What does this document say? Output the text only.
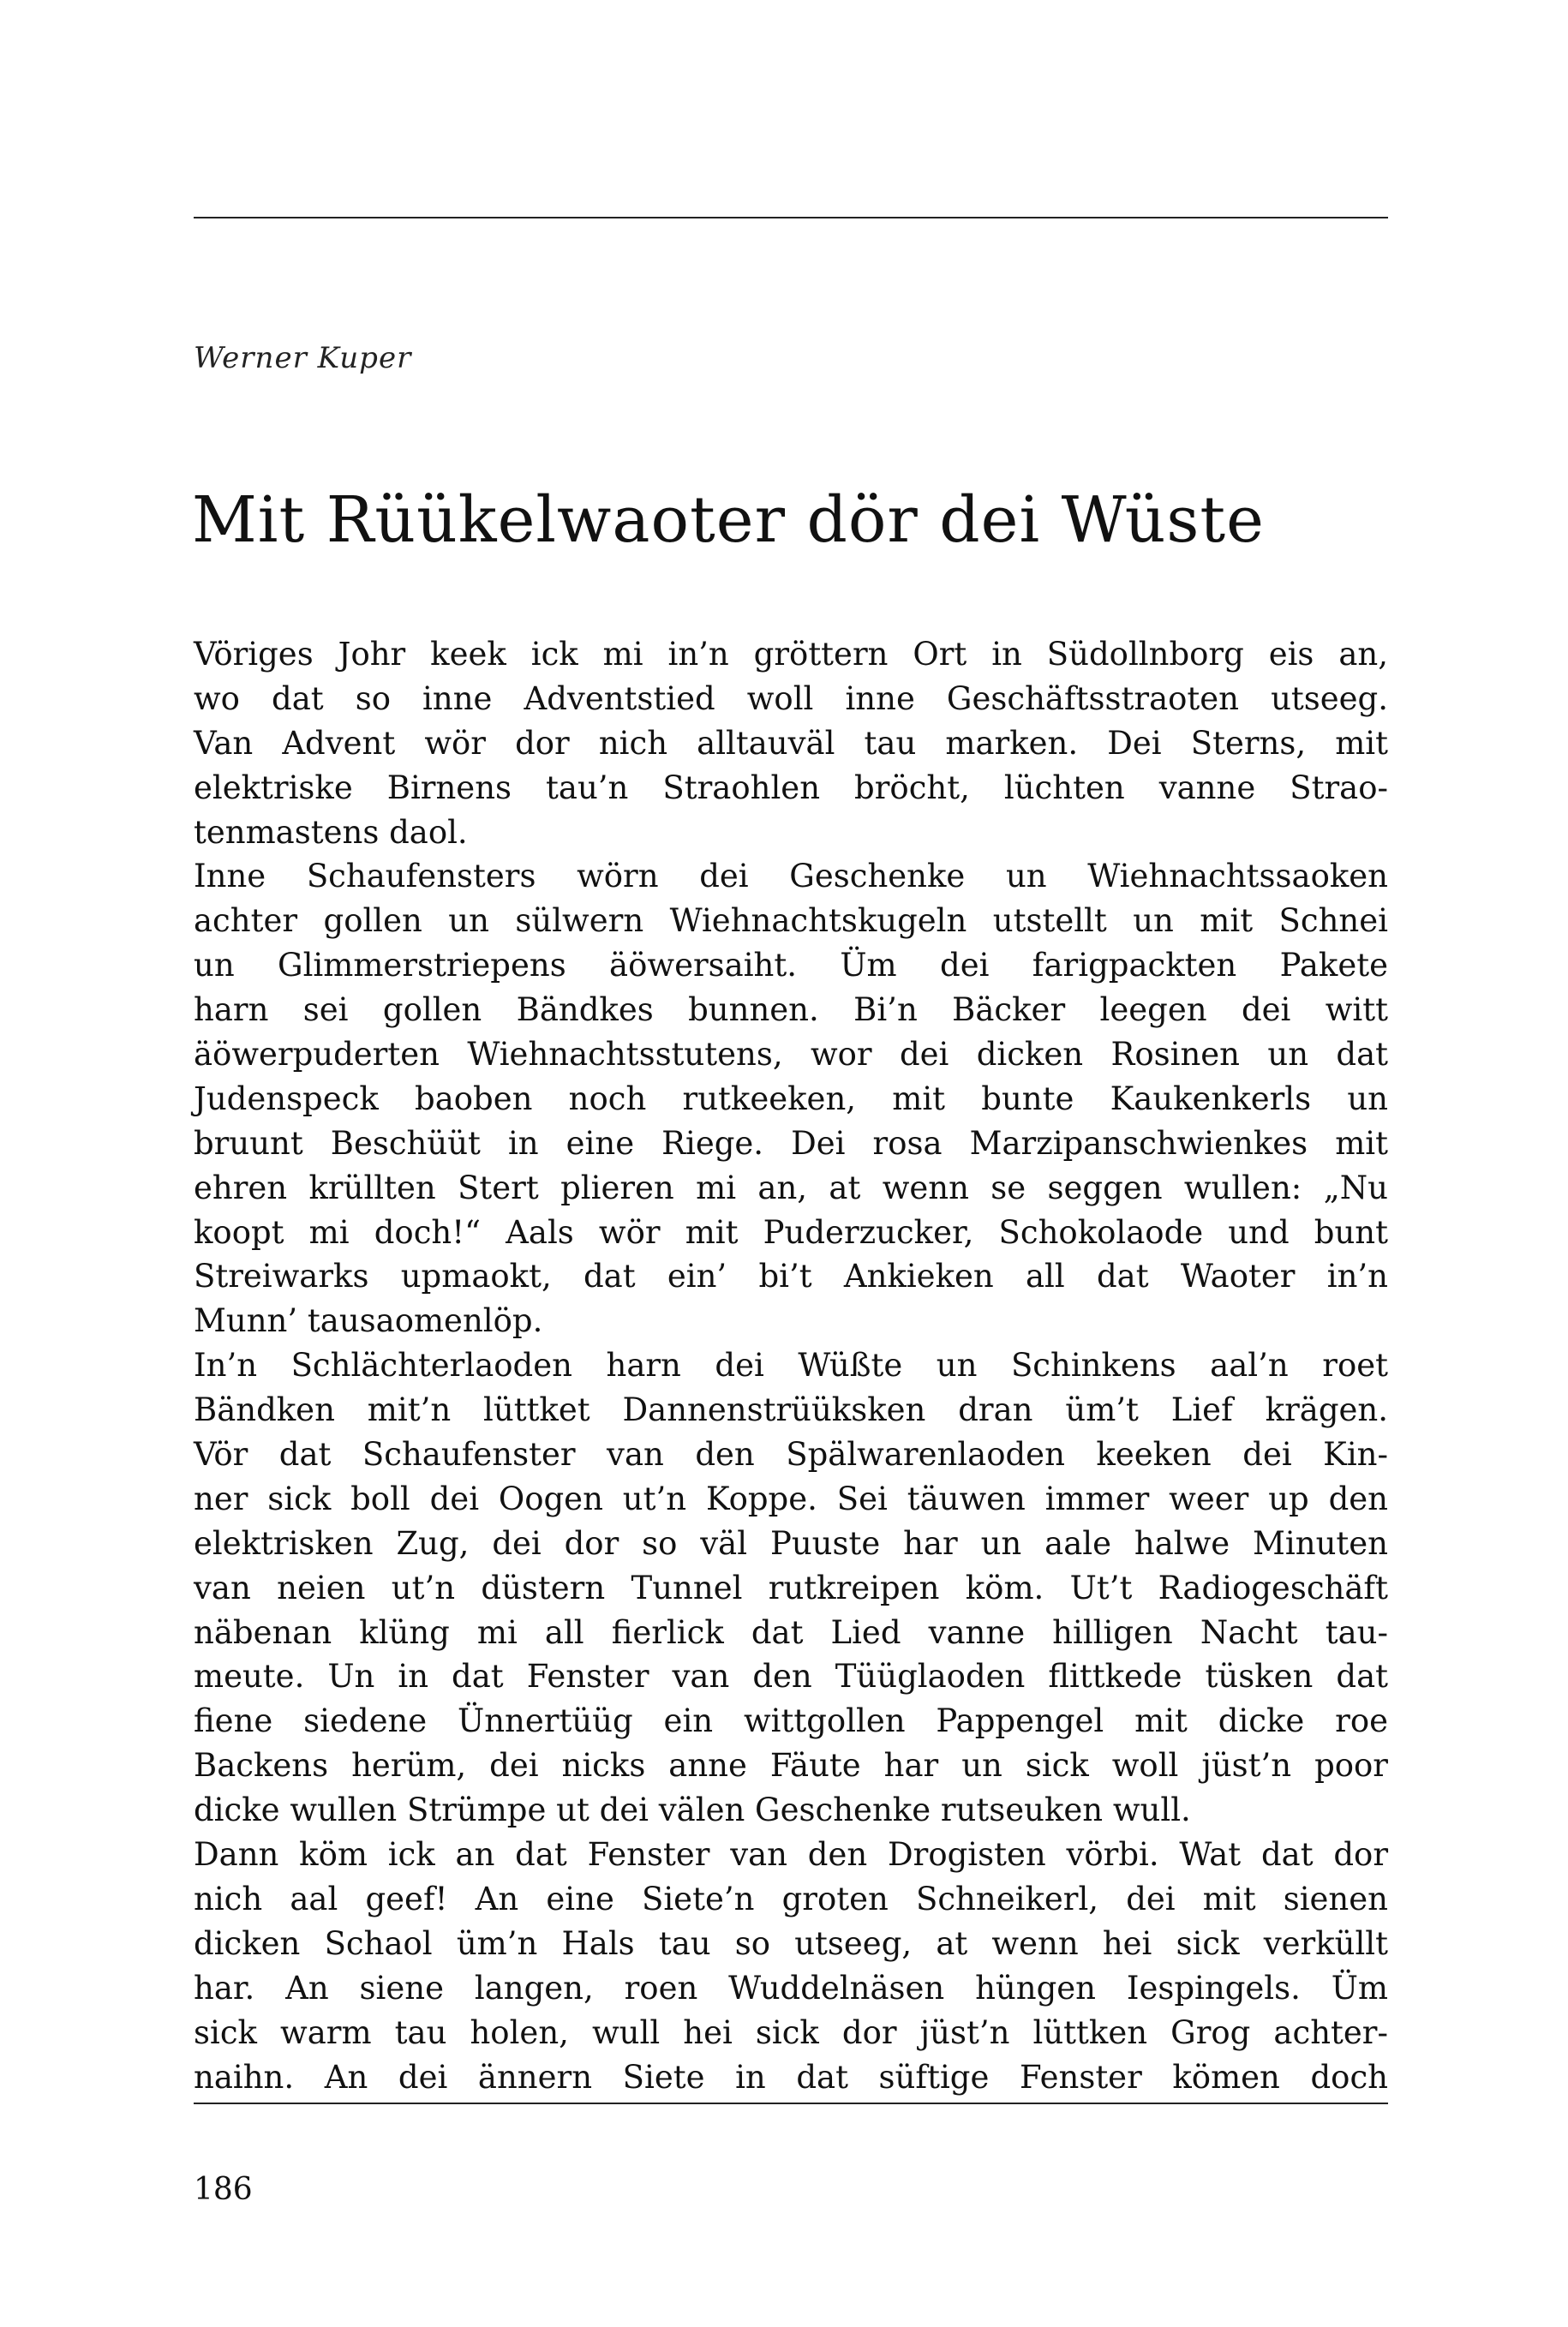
Werner Kuper
Mit Rüükelwaoter dör dei Wüste
Vöriges Johr keek ick mi in’n gröttern Ort in Südollnborg eis an,
wo dat so inne Adventstied woll inne Geschäftsstraoten utseeg.
Van Advent wör dor nich alltauväl tau marken. Dei Sterns, mit
elektriske Birnens tau’n Straohlen bröcht, lüchten vanne Strao-
tenmastens daol.
Inne Schaufensters wörn dei Geschenke un Wiehnachtssaoken
achter gollen un sülwern Wiehnachtskugeln utstellt un mit Schnei
un Glimmerstriepens äöwersaiht. Üm dei farigpackten Pakete
harn sei gollen Bändkes bunnen. Bi’n Bäcker leegen dei witt
äöwerpuderten Wiehnachtsstutens, wor dei dicken Rosinen un dat
Judenspeck baoben noch rutkeeken, mit bunte Kaukenkerls un
bruunt Beschüüt in eine Riege. Dei rosa Marzipanschwienkes mit
ehren krüllten Stert plieren mi an, at wenn se seggen wullen: „Nu
koopt mi doch!“ Aals wör mit Puderzucker, Schokolaode und bunt
Streiwarks upmaokt, dat ein’ bi’t Ankieken all dat Waoter in’n
Munn’ tausaomenlöp.
In’n Schlächterlaoden harn dei Wüßte un Schinkens aal’n roet
Bändken mit’n lüttket Dannenstrüüksken dran üm’t Lief krägen.
Vör dat Schaufenster van den Spälwarenlaoden keeken dei Kin-
ner sick boll dei Oogen ut’n Koppe. Sei täuwen immer weer up den
elektrisken Zug, dei dor so väl Puuste har un aale halwe Minuten
van neien ut’n düstern Tunnel rutkreipen köm. Ut’t Radiogeschäft
näbenan klüng mi all fierlick dat Lied vanne hilligen Nacht tau-
meute. Un in dat Fenster van den Tüüglaoden flittkede tüsken dat
fiene siedene Ünnertüüg ein wittgollen Pappengel mit dicke roe
Backens herüm, dei nicks anne Fäute har un sick woll jüst’n poor
dicke wullen Strümpe ut dei välen Geschenke rutseuken wull.
Dann köm ick an dat Fenster van den Drogisten vörbi. Wat dat dor
nich aal geef! An eine Siete’n groten Schneikerl, dei mit sienen
dicken Schaol üm’n Hals tau so utseeg, at wenn hei sick verküllt
har. An siene langen, roen Wuddelnäsen hüngen Iespingels. Üm
sick warm tau holen, wull hei sick dor jüst’n lüttken Grog achter-
naihn. An dei ännern Siete in dat süftige Fenster kömen doch
186
